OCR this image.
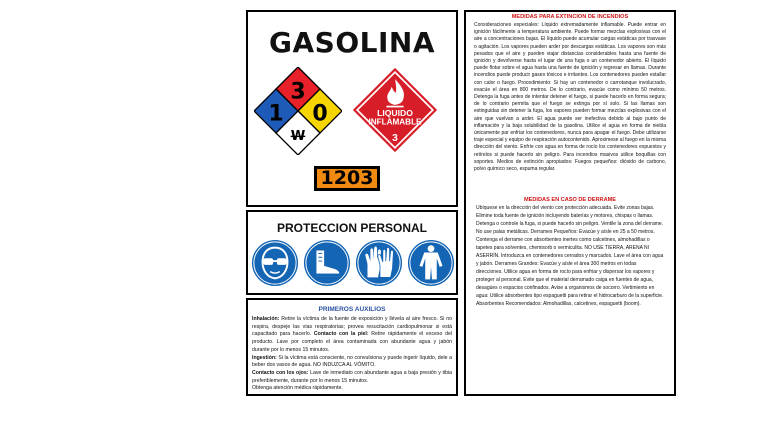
GASOLINA
3
1 0
W
LIQUIDO
INFLAMABLE
3
1203
PROTECCION PERSONAL
PRIMEROS AUXILIOS
Inhalación: Retire la víctima de la fuente de exposición y llévela al aire fresco. Si no respira, despeje las vías respiratorias; provea resucitación cardiopulmonar si está capacitado para hacerlo. Contacto con la piel: Retire rápidamente el exceso del producto. Lave por completo el área contaminada con abundante agua y jabón durante por lo menos 15 minutos.
Ingestión: Si la víctima está consciente, no convulsiona y puede ingerir líquido, dele a beber dos vasos de agua. NO INDUZCA AL VÓMITO.
Contacto con los ojos: Lave de inmediato con abundante agua a baja presión y tibia preferiblemente, durante por lo menos 15 minutos.
Obtenga atención médica rápidamente.
MEDIDAS PARA EXTINCION DE INCENDIOS
Consideraciones especiales: Líquido extremadamente inflamable. Puede entrar en ignición fácilmente a temperatura ambiente. Puede formar mezclas explosivas con el aire a concentraciones bajas. El líquido puede acumular cargas estáticas por trasvase o agitación. Los vapores pueden arder por descargas estáticas. Los vapores son más pesados que el aire y pueden viajar distancias considerables hasta una fuente de ignición y devolverse hasta el lugar de una fuga o un contenedor abierto. El líquido puede flotar sobre el agua hasta una fuente de ignición y regresar en llamas. Durante incendios puede producir gases tóxicos e irritantes. Los contenedores pueden estallar con calor o fuego. Procedimiento: Si hay un contenedor o carrotanque involucrado, evacúe el área en 800 metros. De lo contrario, evacúe como mínimo 50 metros. Detenga la fuga antes de intentar detener el fuego, si puede hacerlo en forma segura; de lo contrario permita que el fuego se extinga por sí solo. Si las llamas son extinguidas sin detener la fuga, los vapores pueden formar mezclas explosivas con el aire que vuelvan a arder. El agua puede ser inefectiva debido al bajo punto de inflamación y la baja solubilidad de la gasolina. Utilice el agua en forma de niebla únicamente par enfriar los contenedores, nunca para apagar el fuego. Debe utilizarse traje especial y equipo de respiración autocontenido. Aproximese al fuego en la misma dirección del viento. Enfríe con agua en forma de rocío los contenedores expuestos y retírelos si puede hacerlo sin peligro. Para incendios masivos utilice boquillas con soportes. Medios de extinción apropiados: Fuegos pequeños: dióxido de carbono, polvo químico seco, espuma regular.
MEDIDAS EN CASO DE DERRAME
Ubíquese en la dirección del viento con protección adecuada. Evite zonas bajas. Elimine toda fuente de ignición incluyendo baterías y motores, chispas o llamas. Detenga o controle la fuga, si puede hacerlo sin peligro. Ventile la zona del derrame. No use palas metálicas. Derrames Pequeños: Evacúe y aísle en 25 a 50 metros. Contenga el derrame con absorbentes inertes como calcetines, almohadillas o tapetes para solventes, chemisorb o vermiculita. NO USE TIERRA, ARENA NI ASERRÍN. Introduzca en contenedores cerrados y marcados. Lave el área con agua y jabón. Derrames Grandes: Evacúe y aísle el área 300 metros en todas direcciones. Utilice agua en forma de rocío para enfriar y dispersar los vapores y proteger al personal. Evite que el material derramado caiga en fuentes de agua, desagües o espacios confinados. Avise a organismos de socorro. Vertimiento en agua: Utilice absorbentes tipo espaguetti para retirar el hidrocarburo de la superficie. Absorbentes Recomendados: Almohadillas, calcetines, espaguetti (boom).
